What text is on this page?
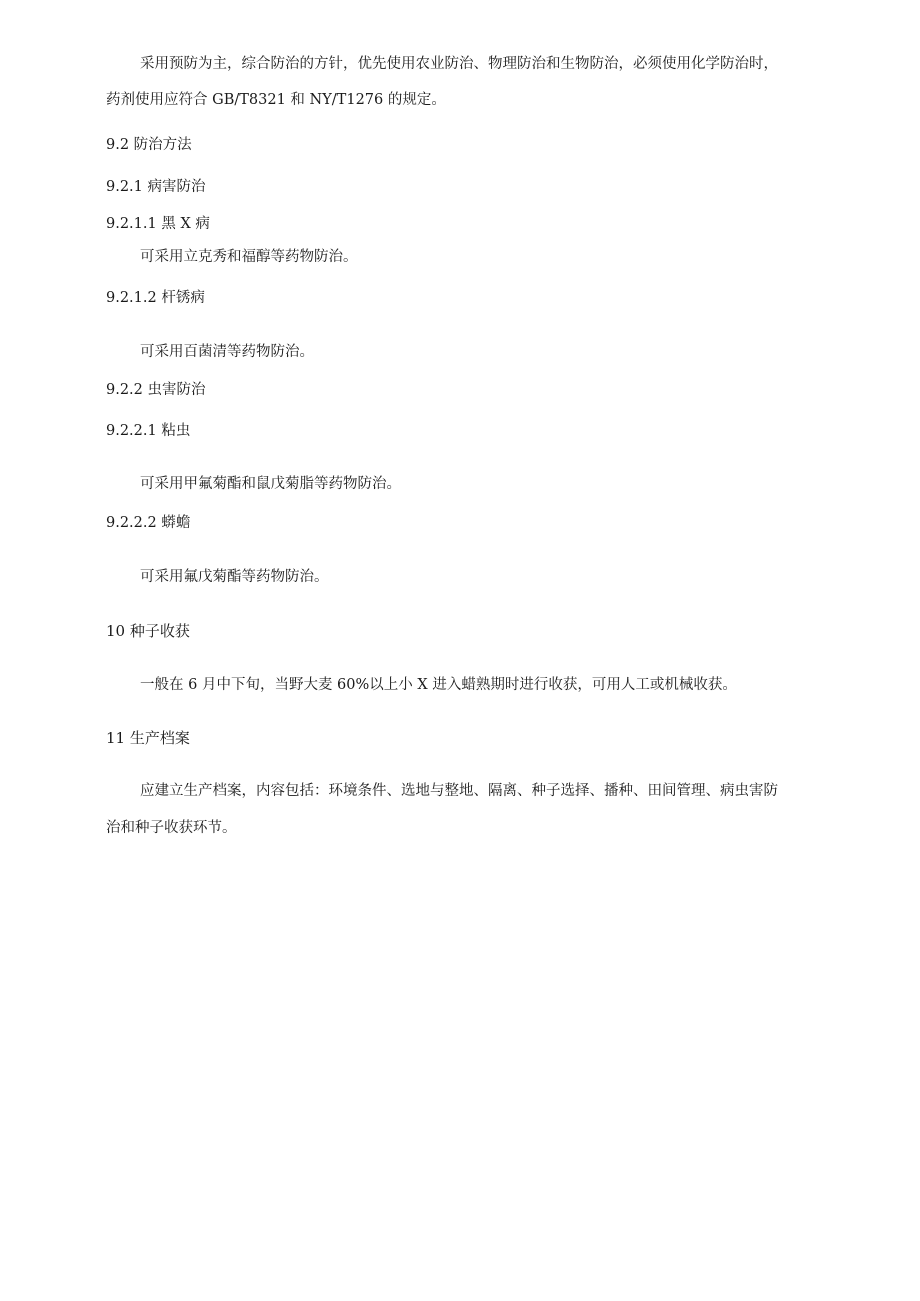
采用预防为主，综合防治的方针，优先使用农业防治、物理防治和生物防治，必须使用化学防治时，
药剂使用应符合 GB/T8321 和 NY/T1276 的规定。
9.2 防治方法
9.2.1 病害防治
9.2.1.1 黑 X 病
可采用立克秀和福醇等药物防治。
9.2.1.2 杆锈病
可采用百菌清等药物防治。
9.2.2 虫害防治
9.2.2.1 粘虫
可采用甲氟菊酯和鼠戊菊脂等药物防治。
9.2.2.2 蟒蟾
可采用氟戊菊酯等药物防治。
10 种子收获
一般在 6 月中下旬，当野大麦 60%以上小 X 进入蜡熟期时进行收获，可用人工或机械收获。
11 生产档案
应建立生产档案，内容包括：环境条件、选地与整地、隔离、种子选择、播种、田间管理、病虫害防
治和种子收获环节。
